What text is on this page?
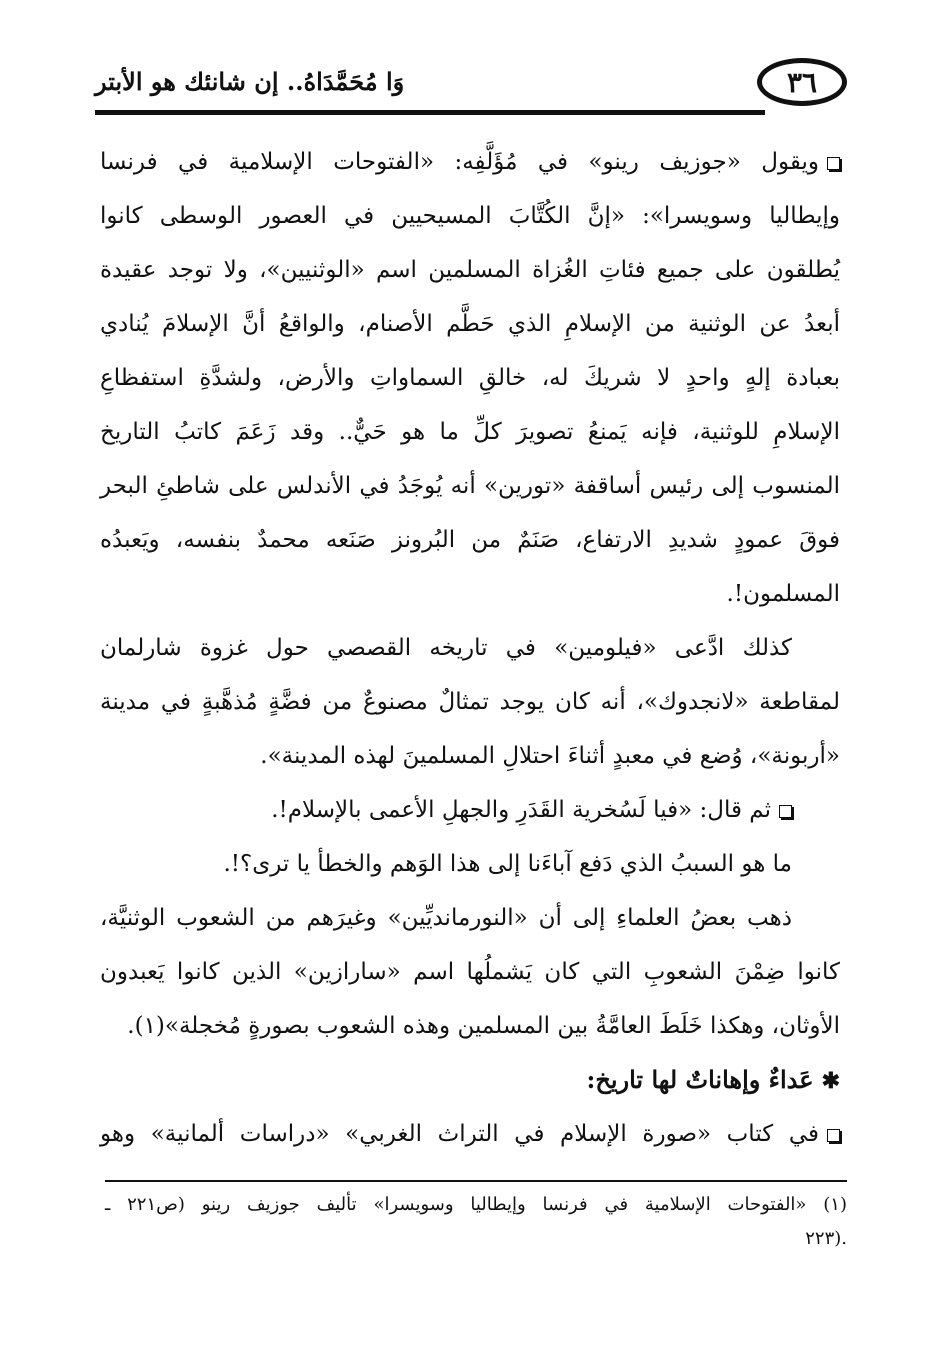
٣٦
وَا مُحَمَّدَاهُ.. إن شانئك هو الأبتر
ويقول «جوزيف رينو» في مُؤَلَّفِه: «الفتوحات الإسلامية في فرنسا
وإيطاليا وسويسرا»: «إنَّ الكُتَّابَ المسيحيين في العصور الوسطى كانوا
يُطلقون على جميع فئاتِ الغُزاة المسلمين اسم «الوثنيين»، ولا توجد عقيدة
أبعدُ عن الوثنية من الإسلامِ الذي حَطَّم الأصنام، والواقعُ أنَّ الإسلامَ يُنادي
بعبادة إلهٍ واحدٍ لا شريكَ له، خالقِ السماواتِ والأرض، ولشدَّةِ استفظاعِ
الإسلامِ للوثنية، فإنه يَمنعُ تصويرَ كلِّ ما هو حَيٌّ.. وقد زَعَمَ كاتبُ التاريخ
المنسوب إلى رئيس أساقفة «تورين» أنه يُوجَدُ في الأندلس على شاطئِ البحر
فوقَ عمودٍ شديدِ الارتفاع، صَنَمٌ من البُرونز صَنَعه محمدٌ بنفسه، ويَعبدُه
المسلمون!.
كذلك ادَّعى «فيلومين» في تاريخه القصصي حول غزوة شارلمان
لمقاطعة «لانجدوك»، أنه كان يوجد تمثالٌ مصنوعٌ من فضَّةٍ مُذهَّبةٍ في مدينة
«أربونة»، وُضع في معبدٍ أثناءَ احتلالِ المسلمينَ لهذه المدينة».
ثم قال: «فيا لَسُخرية القَدَرِ والجهلِ الأعمى بالإسلام!.
ما هو السببُ الذي دَفع آباءَنا إلى هذا الوَهم والخطأ يا ترى؟!.
ذهب بعضُ العلماءِ إلى أن «النورمانديِّين» وغيرَهم من الشعوب الوثنيَّة،
كانوا ضِمْنَ الشعوبِ التي كان يَشملُها اسم «سارازين» الذين كانوا يَعبدون
الأوثان، وهكذا خَلَطَ العامَّةُ بين المسلمين وهذه الشعوب بصورةٍ مُخجلة»(١).
✱عَداءٌ وإهاناتٌ لها تاريخ:
في كتاب «صورة الإسلام في التراث الغربي» «دراسات ألمانية» وهو
(١) «الفتوحات الإسلامية في فرنسا وإيطاليا وسويسرا» تأليف جوزيف رينو (ص٢٢١ ـ
٢٢٣).
